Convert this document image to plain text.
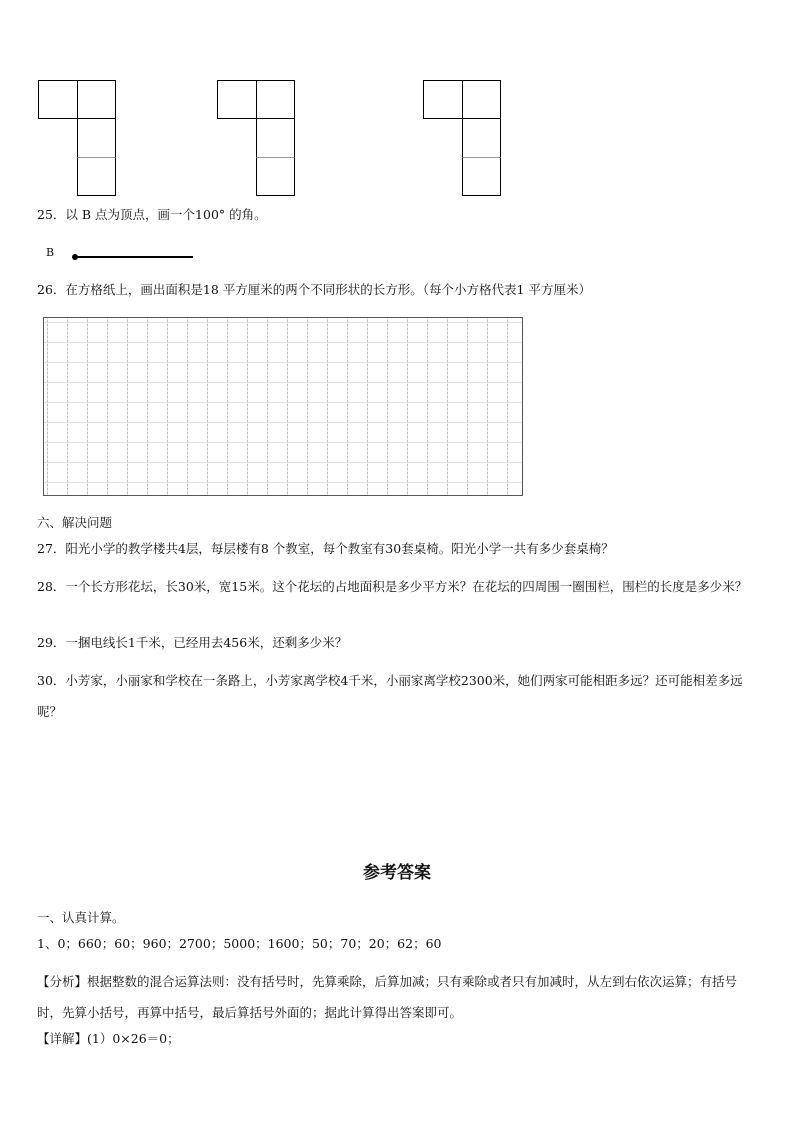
25．以 B 点为顶点，画一个100° 的角。
B
26．在方格纸上，画出面积是18 平方厘米的两个不同形状的长方形。（每个小方格代表1 平方厘米）
六、解决问题
27．阳光小学的教学楼共4层，每层楼有8 个教室，每个教室有30套桌椅。阳光小学一共有多少套桌椅？
28．一个长方形花坛，长30米，宽15米。这个花坛的占地面积是多少平方米？在花坛的四周围一圈围栏，围栏的长度是多少米？
29．一捆电线长1千米，已经用去456米，还剩多少米？
30．小芳家，小丽家和学校在一条路上，小芳家离学校4千米，小丽家离学校2300米，她们两家可能相距多远？还可能相差多远呢？
参考答案
一、认真计算。
1、0；660；60；960；2700；5000；1600；50；70；20；62；60
【分析】根据整数的混合运算法则：没有括号时，先算乘除，后算加减；只有乘除或者只有加减时，从左到右依次运算；有括号时，先算小括号，再算中括号，最后算括号外面的；据此计算得出答案即可。
【详解】(1）0×26＝0；
